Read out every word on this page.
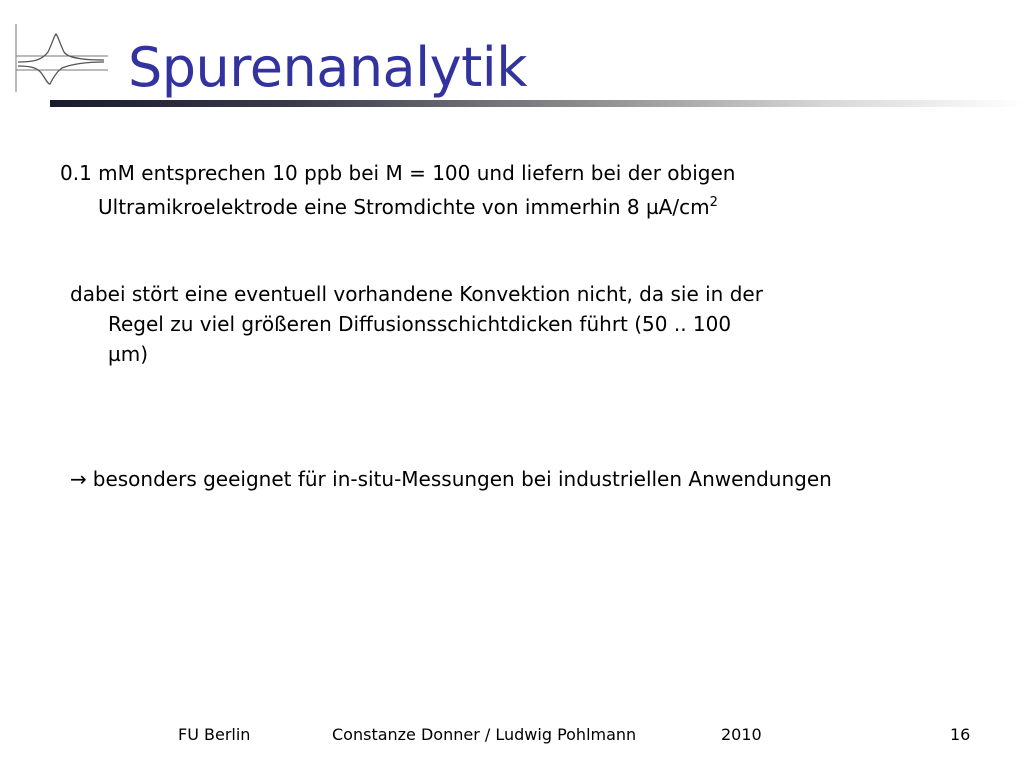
Spurenanalytik

0.1 mM entsprechen 10 ppb bei M = 100 und liefern bei der obigen
Ultramikroelektrode eine Stromdichte von immerhin 8 $\mu A/cm^2$

dabei stört eine eventuell vorhandene Konvektion nicht, da sie in der
Regel zu viel größeren Diffusionsschichtdicken führt (50 .. 100
µm)

→ besonders geeignet für in-situ-Messungen bei industriellen Anwendungen

FU Berlin	Constanze Donner / Ludwig Pohlmann	2010	16
